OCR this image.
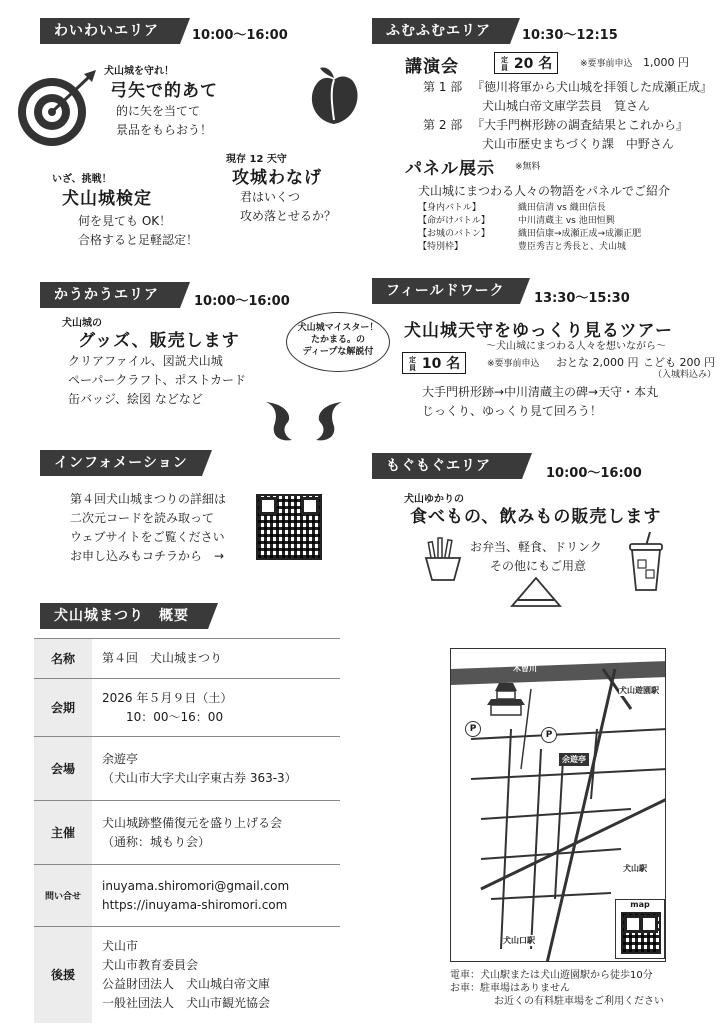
わいわいエリア	10:00～16:00
犬山城を守れ！
弓矢で的あて
的に矢を当てて
景品をもらおう！
現存 12 天守
攻城わなげ
君はいくつ
攻め落とせるか？
いざ、挑戦！
犬山城検定
何を見ても OK！
合格すると足軽認定！
ふむふむエリア	10:30～12:15
講演会	定員 20 名	※要事前申込 1,000 円
第 1 部 『徳川将軍から犬山城を拝領した成瀬正成』
犬山城白帝文庫学芸員　筧さん
第 2 部 『大手門桝形跡の調査結果とこれから』
犬山市歴史まちづくり課　中野さん
パネル展示 ※無料
犬山城にまつわる人々の物語をパネルでご紹介
【身内バトル】	織田信清 vs 織田信長
【命がけバトル】	中川清蔵主 vs 池田恒興
【お城のバトン】	織田信康→成瀬正成→成瀬正肥
【特別枠】	豊臣秀吉と秀長と、犬山城
かうかうエリア	10:00～16:00
犬山城の
グッズ、販売します
クリアファイル、図説犬山城
ペーパークラフト、ポストカード
缶バッジ、絵図 などなど
フィールドワーク	13:30～15:30
犬山城マイスター！
たかまる。の
ディープな解説付
犬山城天守をゆっくり見るツアー
～犬山城にまつわる人々を想いながら～
定員 10 名	※要事前申込 おとな 2,000 円 こども 200 円
（入城料込み）
大手門枡形跡→中川清蔵主の碑→天守・本丸
じっくり、ゆっくり見て回ろう！
インフォメーション
第４回犬山城まつりの詳細は
二次元コードを読み取って
ウェブサイトをご覧ください
お申し込みもコチラから　→
もぐもぐエリア	10:00～16:00
犬山ゆかりの
食べもの、飲みもの販売します
お弁当、軽食、ドリンク
その他にもご用意
犬山城まつり　概要
名称	第４回　犬山城まつり

会期	2026 年５月９日（土）
　　10：00～16：00

会場	余遊亭
（犬山市大字犬山字東古券 363-3）

主催	犬山城跡整備復元を盛り上げる会
（通称：城もり会）

問い合せ	inuyama.shiromori@gmail.com
https://inuyama-shiromori.com

後援	犬山市
犬山市教育委員会
公益財団法人　犬山城白帝文庫
一般社団法人　犬山市観光協会
木曽川
犬山遊園駅
犬山駅
犬山口駅
余遊亭
P
P
map
電車：犬山駅または犬山遊園駅から徒歩10分
お車：駐車場はありません
お近くの有料駐車場をご利用ください
